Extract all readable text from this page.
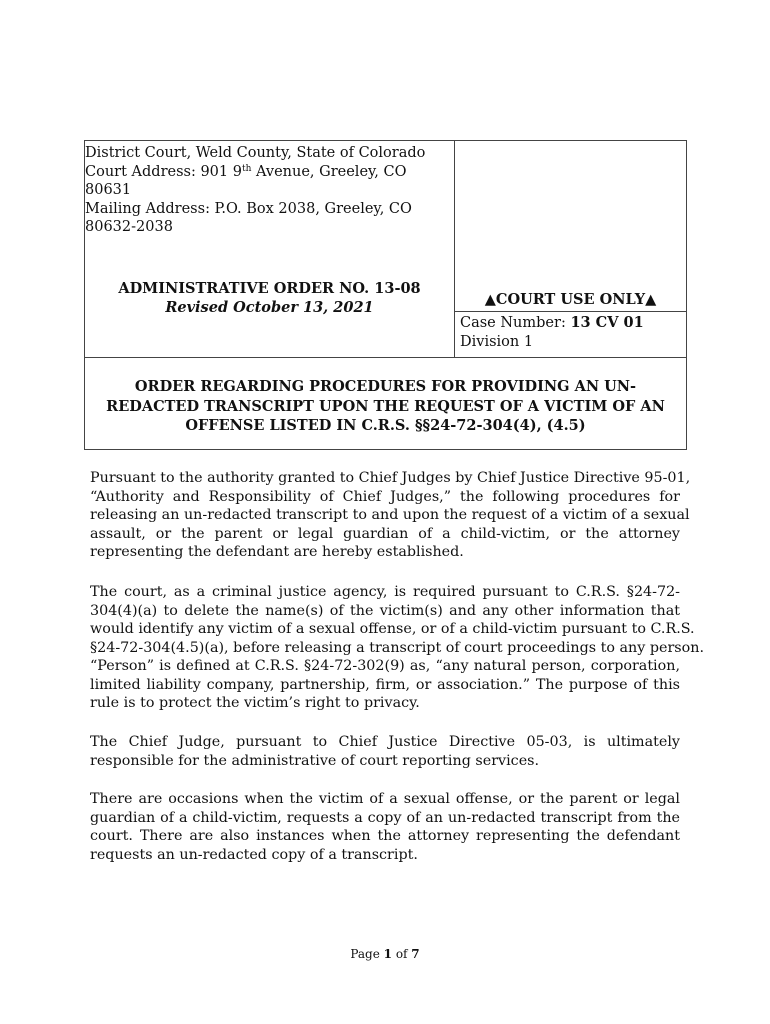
District Court, Weld County, State of Colorado
Court Address: 901 9th Avenue, Greeley, CO
80631
Mailing Address: P.O. Box 2038, Greeley, CO
80632-2038
ADMINISTRATIVE ORDER NO. 13-08
Revised October 13, 2021	▲COURT USE ONLY▲
Case Number: 13 CV 01
Division 1
ORDER REGARDING PROCEDURES FOR PROVIDING AN UN-
REDACTED TRANSCRIPT UPON THE REQUEST OF A VICTIM OF AN
OFFENSE LISTED IN C.R.S. §§24-72-304(4), (4.5)
Pursuant to the authority granted to Chief Judges by Chief Justice Directive 95-01,
“Authority and Responsibility of Chief Judges,” the following procedures for
releasing an un-redacted transcript to and upon the request of a victim of a sexual
assault, or the parent or legal guardian of a child-victim, or the attorney
representing the defendant are hereby established.
The court, as a criminal justice agency, is required pursuant to C.R.S. §24-72-
304(4)(a) to delete the name(s) of the victim(s) and any other information that
would identify any victim of a sexual offense, or of a child-victim pursuant to C.R.S.
§24-72-304(4.5)(a), before releasing a transcript of court proceedings to any person.
“Person” is defined at C.R.S. §24-72-302(9) as, “any natural person, corporation,
limited liability company, partnership, firm, or association.” The purpose of this
rule is to protect the victim’s right to privacy.
The Chief Judge, pursuant to Chief Justice Directive 05-03, is ultimately
responsible for the administrative of court reporting services.
There are occasions when the victim of a sexual offense, or the parent or legal
guardian of a child-victim, requests a copy of an un-redacted transcript from the
court. There are also instances when the attorney representing the defendant
requests an un-redacted copy of a transcript.
Page 1 of 7
